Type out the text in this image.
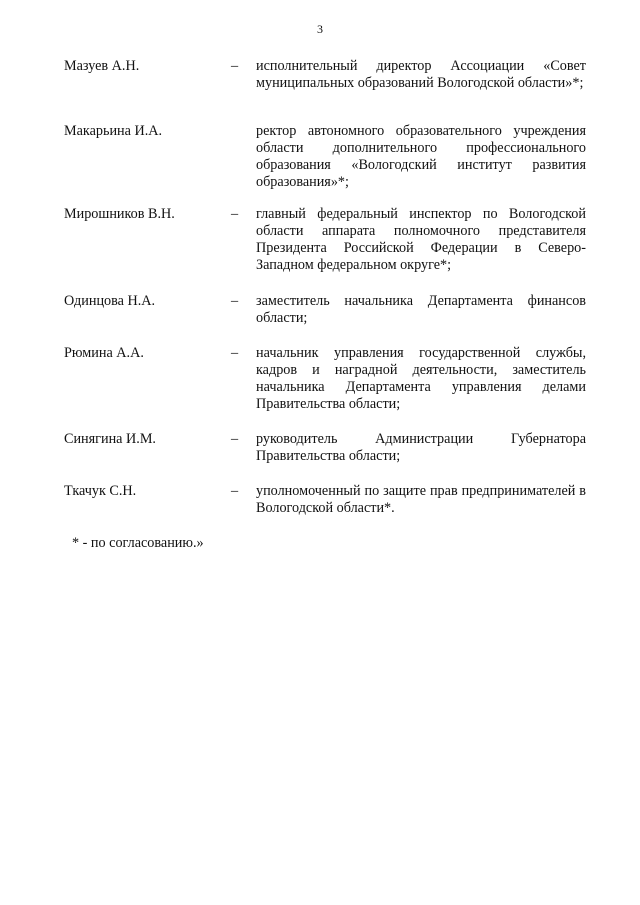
3
Мазуев А.Н.	– исполнительный директор Ассоциации «Совет муниципальных образований Вологодской области»*;
Макарьина И.А.	ректор автономного образовательного учреждения области дополнительного профессионального образования «Вологодский институт развития образования»*;
Мирошников В.Н.	– главный федеральный инспектор по Вологодской области аппарата полномочного представителя Президента Российской Федерации в Северо-Западном федеральном округе*;
Одинцова Н.А.	– заместитель начальника Департамента финансов области;
Рюмина А.А.	– начальник управления государственной службы, кадров и наградной деятельности, заместитель начальника Департамента управления делами Правительства области;
Синягина И.М.	– руководитель Администрации Губернатора Правительства области;
Ткачук С.Н.	– уполномоченный по защите прав предпринимателей в Вологодской области*.
* - по согласованию.»
